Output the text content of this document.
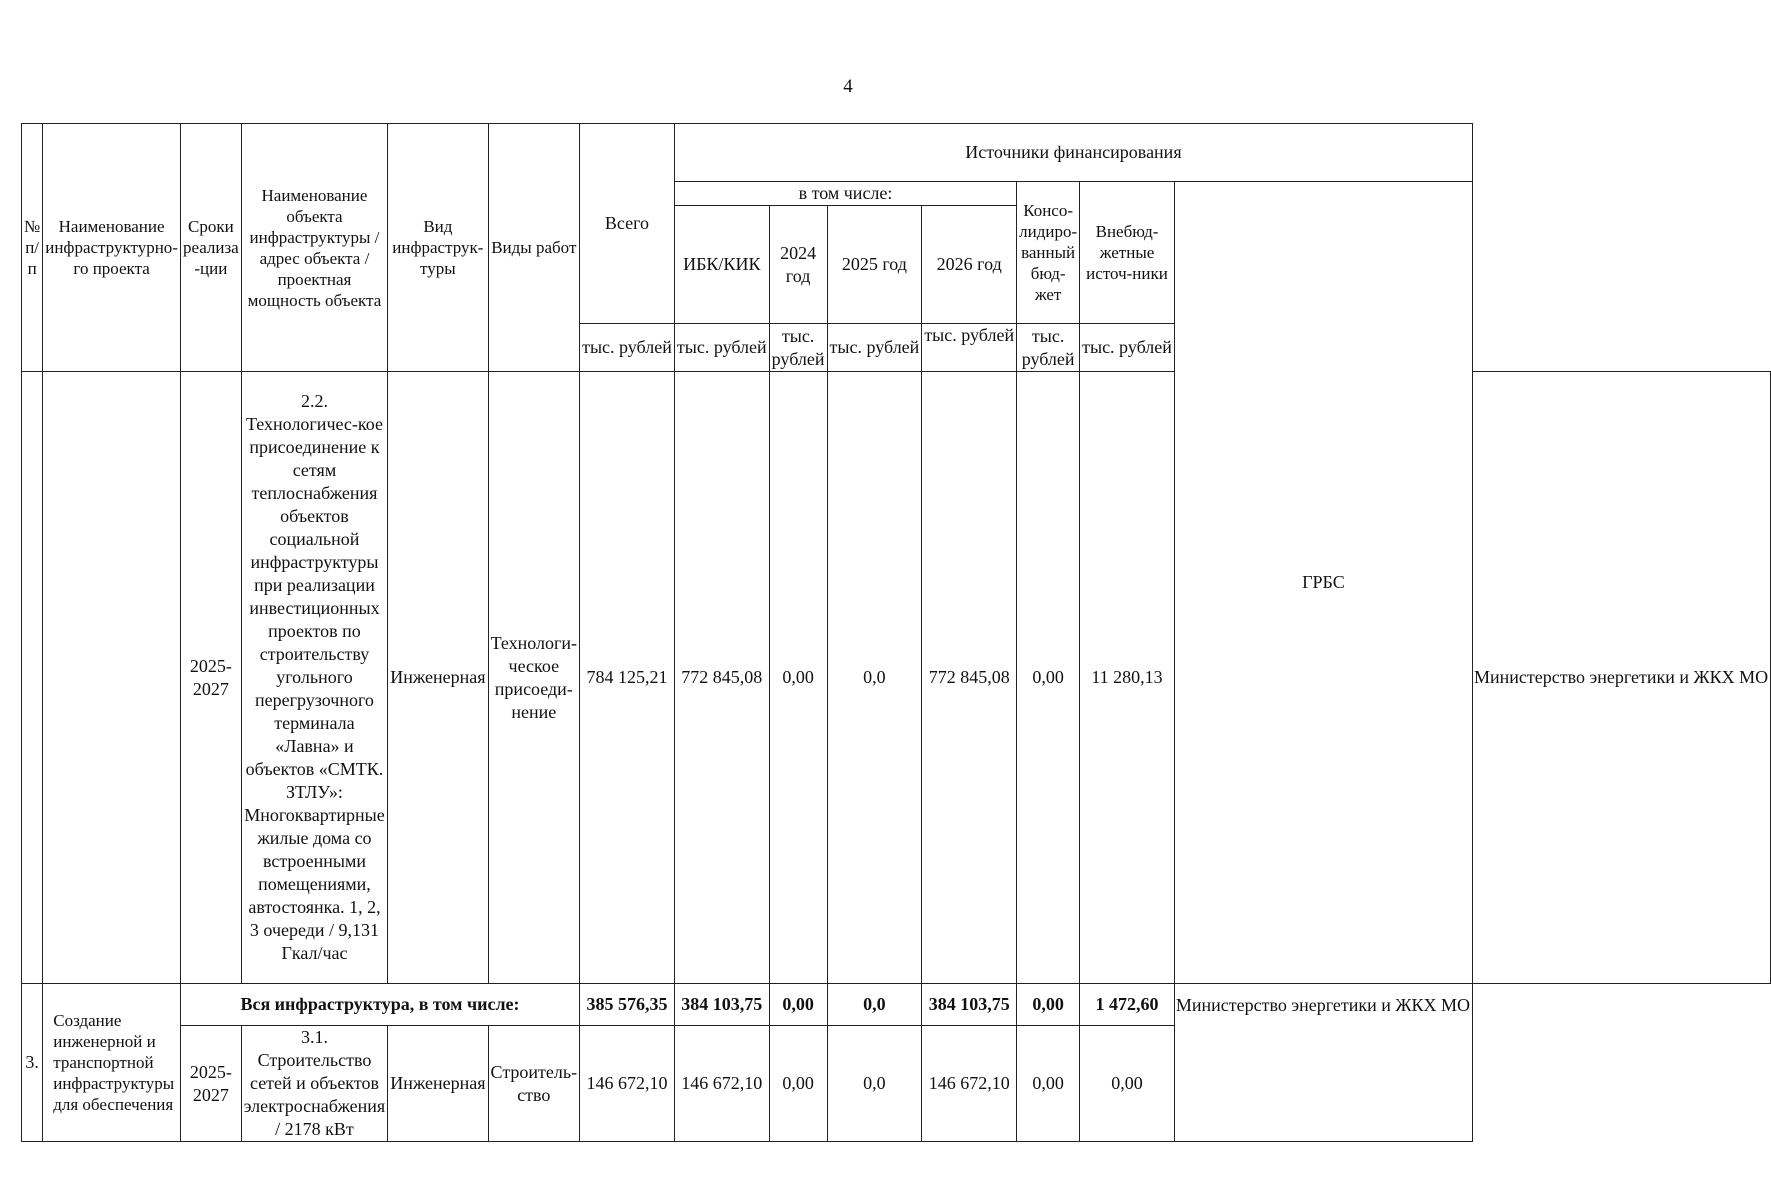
4
№ п/п	Наименование инфраструктурно-го проекта	Сроки реализа -ции	Наименование объекта инфраструктуры / адрес объекта / проектная мощность объекта	Вид инфраструк-туры	Виды работ	Всего	Источники финансирования							
							в том числе:				Консо-лидиро-ванный бюд-жет	Внебюд-жетные источ-ники	ГРБС	
							ИБК/КИК	2024 год	2025 год	2026 год				
						тыс. рублей	тыс. рублей	тыс. рублей	тыс. рублей	тыс. рублей	тыс. рублей	тыс. рублей		
		2025-2027	2.2. Технологичес-кое присоединение к сетям теплоснабжения объектов социальной инфраструктуры при реализации инвестиционных проектов по строительству угольного перегрузочного терминала «Лавна» и объектов «СМТК. ЗТЛУ»: Многоквартирные жилые дома со встроенными помещениями, автостоянка. 1, 2, 3 очереди / 9,131 Гкал/час	Инженерная	Технологи-ческое присоеди-нение	784 125,21	772 845,08	0,00	0,0	772 845,08	0,00	11 280,13		Министерство энергетики и ЖКХ МО
3.	Создание инженерной и транспортной инфраструктуры для обеспечения	Вся инфраструктура, в том числе:				385 576,35	384 103,75	0,00	0,0	384 103,75	0,00	1 472,60	Министерство энергетики и ЖКХ МО	
		2025-2027	3.1. Строительство сетей и объектов электроснабжения / 2178 кВт	Инженерная	Строитель-ство	146 672,10	146 672,10	0,00	0,0	146 672,10	0,00	0,00		
